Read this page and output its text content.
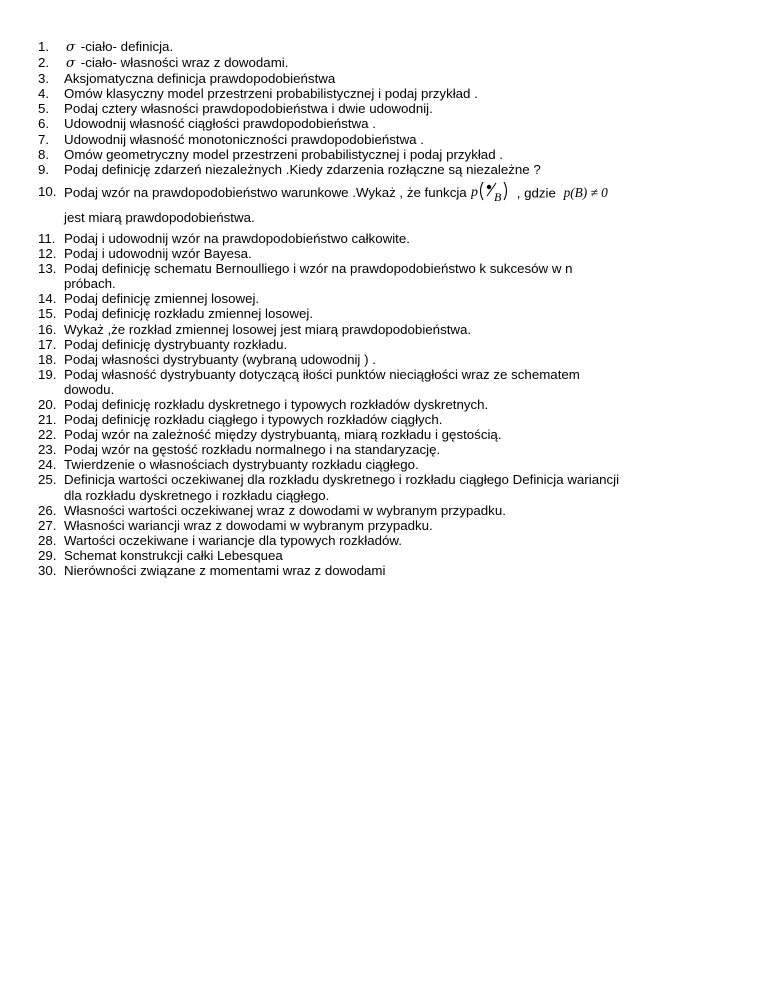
1.	σ -ciało- definicja.
2.	σ -ciało- własności wraz z dowodami.
3.	Aksjomatyczna definicja prawdopodobieństwa
4.	Omów klasyczny model przestrzeni probabilistycznej i podaj przykład .
5.	Podaj cztery własności prawdopodobieństwa i dwie udowodnij.
6.	Udowodnij własność ciągłości prawdopodobieństwa .
7.	Udowodnij własność monotoniczności prawdopodobieństwa .
8.	Omów geometryczny model przestrzeni probabilistycznej i podaj przykład .
9.	Podaj definicję zdarzeń niezależnych .Kiedy zdarzenia rozłączne są niezależne ?
10. Podaj wzór na prawdopodobieństwo warunkowe .Wykaż , że funkcja p B , gdzie p(B) ≠ 0
jest miarą prawdopodobieństwa.
11. Podaj i udowodnij wzór na prawdopodobieństwo całkowite.
12. Podaj i udowodnij wzór Bayesa.
13. Podaj definicję schematu Bernoulliego i wzór na prawdopodobieństwo k sukcesów w n
próbach.
14. Podaj definicję zmiennej losowej.
15. Podaj definicję rozkładu zmiennej losowej.
16. Wykaż ,że rozkład zmiennej losowej jest miarą prawdopodobieństwa.
17. Podaj definicję dystrybuanty rozkładu.
18. Podaj własności dystrybuanty (wybraną udowodnij ) .
19. Podaj własność dystrybuanty dotyczącą iłości punktów nieciągłości wraz ze schematem
dowodu.
20. Podaj definicję rozkładu dyskretnego i typowych rozkładów dyskretnych.
21. Podaj definicję rozkładu ciągłego i typowych rozkładów ciągłych.
22. Podaj wzór na zależność między dystrybuantą, miarą rozkładu i gęstością.
23. Podaj wzór na gęstość rozkładu normalnego i na standaryzację.
24. Twierdzenie o własnościach dystrybuanty rozkładu ciągłego.
25. Definicja wartości oczekiwanej dla rozkładu dyskretnego i rozkładu ciągłego Definicja wariancji
dla rozkładu dyskretnego i rozkładu ciągłego.
26. Własności wartości oczekiwanej wraz z dowodami w wybranym przypadku.
27. Własności wariancji wraz z dowodami w wybranym przypadku.
28. Wartości oczekiwane i wariancje dla typowych rozkładów.
29. Schemat konstrukcji całki Lebesquea
30. Nierówności związane z momentami wraz z dowodami
